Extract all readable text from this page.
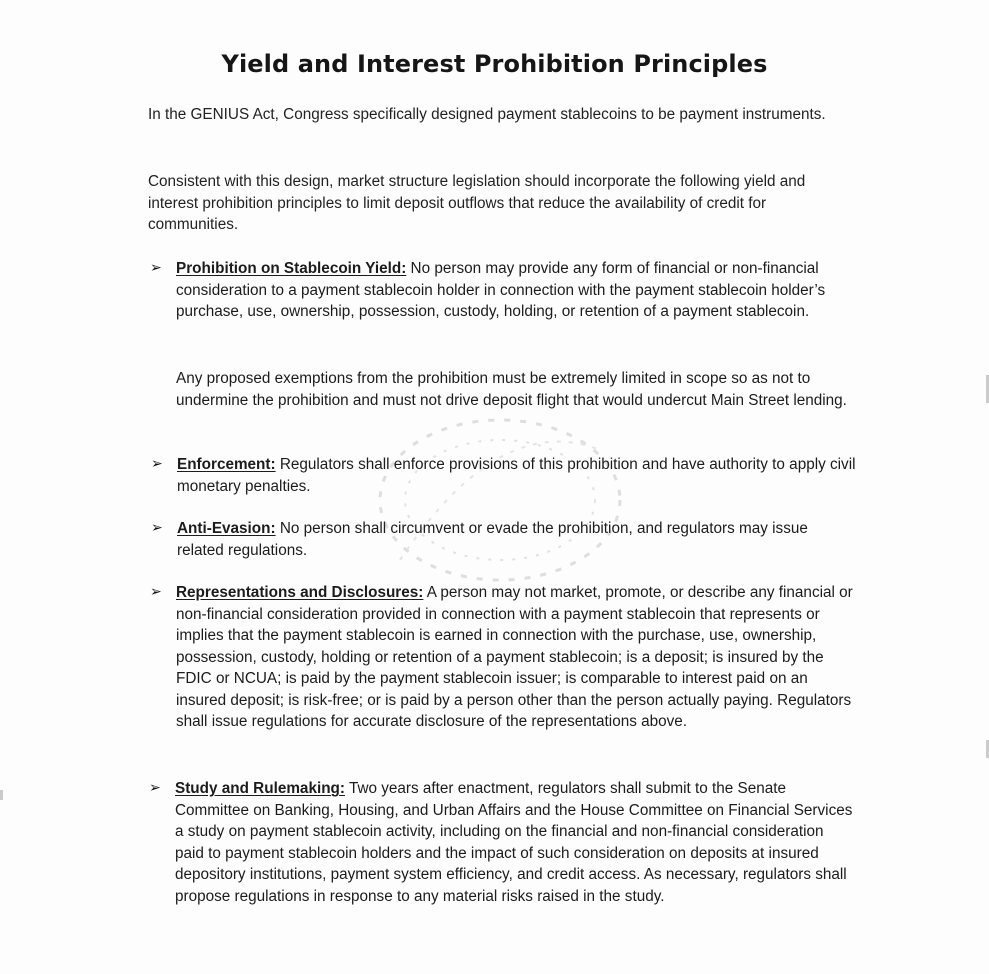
Yield and Interest Prohibition Principles
In the GENIUS Act, Congress specifically designed payment stablecoins to be payment instruments.
Consistent with this design, market structure legislation should incorporate the following yield and interest prohibition principles to limit deposit outflows that reduce the availability of credit for communities.
➢ Prohibition on Stablecoin Yield: No person may provide any form of financial or non-financial consideration to a payment stablecoin holder in connection with the payment stablecoin holder’s purchase, use, ownership, possession, custody, holding, or retention of a payment stablecoin.
Any proposed exemptions from the prohibition must be extremely limited in scope so as not to undermine the prohibition and must not drive deposit flight that would undercut Main Street lending.
➢ Enforcement: Regulators shall enforce provisions of this prohibition and have authority to apply civil monetary penalties.
➢ Anti-Evasion: No person shall circumvent or evade the prohibition, and regulators may issue related regulations.
➢ Representations and Disclosures: A person may not market, promote, or describe any financial or non-financial consideration provided in connection with a payment stablecoin that represents or implies that the payment stablecoin is earned in connection with the purchase, use, ownership, possession, custody, holding or retention of a payment stablecoin; is a deposit; is insured by the FDIC or NCUA; is paid by the payment stablecoin issuer; is comparable to interest paid on an insured deposit; is risk-free; or is paid by a person other than the person actually paying. Regulators shall issue regulations for accurate disclosure of the representations above.
➢ Study and Rulemaking: Two years after enactment, regulators shall submit to the Senate Committee on Banking, Housing, and Urban Affairs and the House Committee on Financial Services a study on payment stablecoin activity, including on the financial and non-financial consideration paid to payment stablecoin holders and the impact of such consideration on deposits at insured depository institutions, payment system efficiency, and credit access. As necessary, regulators shall propose regulations in response to any material risks raised in the study.
